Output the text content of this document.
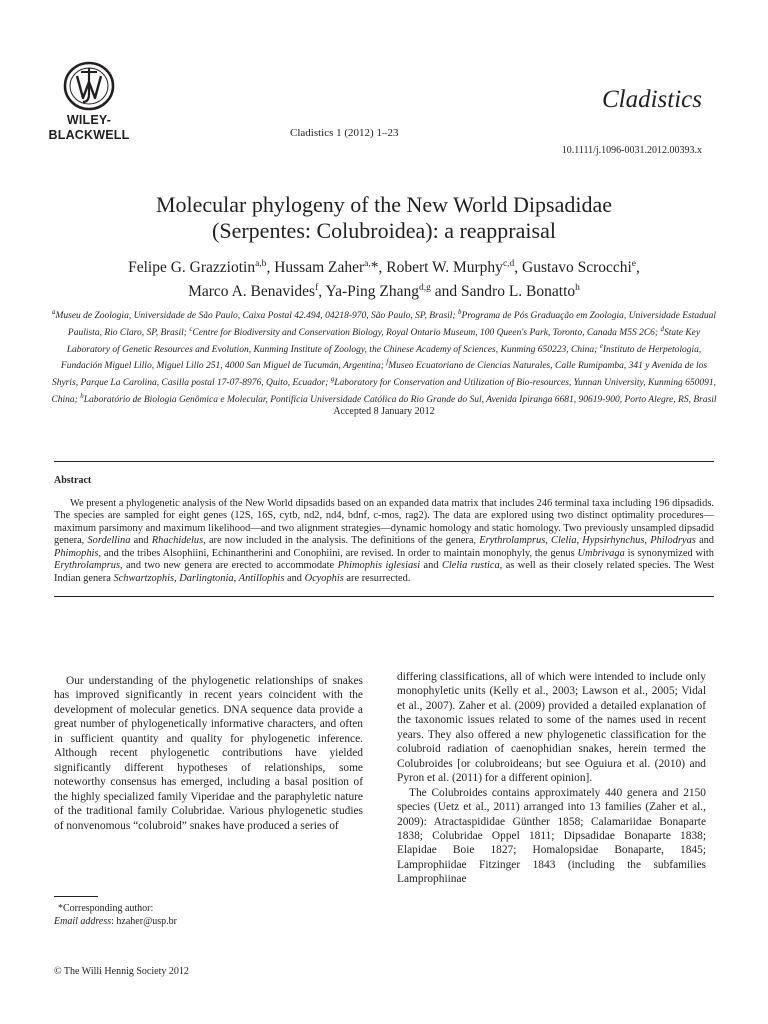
WILEY-
BLACKWELL
Cladistics
Cladistics 1 (2012) 1–23
10.1111/j.1096-0031.2012.00393.x
Molecular phylogeny of the New World Dipsadidae
(Serpentes: Colubroidea): a reappraisal
Felipe G. Grazziotin$^{a,b}$, Hussam Zaher$^{a,}$*, Robert W. Murphy$^{c,d}$, Gustavo Scrocchi$^e$,
Marco A. Benavides$^f$, Ya-Ping Zhang$^{d,g}$ and Sandro L. Bonatto$^h$
$^a$Museu de Zoologia, Universidade de São Paulo, Caixa Postal 42.494, 04218-970, São Paulo, SP, Brasil; $^b$Programa de Pós Graduação em Zoologia, Universidade Estadual Paulista, Rio Claro, SP, Brasil; $^c$Centre for Biodiversity and Conservation Biology, Royal Ontario Museum, 100 Queen's Park, Toronto, Canada M5S 2C6; $^d$State Key Laboratory of Genetic Resources and Evolution, Kunming Institute of Zoology, the Chinese Academy of Sciences, Kunming 650223, China; $^e$Instituto de Herpetologia, Fundación Miguel Lillo, Miguel Lillo 251, 4000 San Miguel de Tucumán, Argentina; $^f$Museo Ecuatoriano de Ciencias Naturales, Calle Rumipamba, 341 y Avenida de los Shyris, Parque La Carolina, Casilla postal 17-07-8976, Quito, Ecuador; $^g$Laboratory for Conservation and Utilization of Bio-resources, Yunnan University, Kunming 650091, China; $^h$Laboratório de Biologia Genômica e Molecular, Pontifícia Universidade Católica do Rio Grande do Sul, Avenida Ipiranga 6681, 90619-900, Porto Alegre, RS, Brasil
Accepted 8 January 2012
Abstract

We present a phylogenetic analysis of the New World dipsadids based on an expanded data matrix that includes 246 terminal taxa including 196 dipsadids. The species are sampled for eight genes (12S, 16S, cytb, nd2, nd4, bdnf, c-mos, rag2). The data are explored using two distinct optimality procedures—maximum parsimony and maximum likelihood—and two alignment strategies—dynamic homology and static homology. Two previously unsampled dipsadid genera, Sordellina and Rhachidelus, are now included in the analysis. The definitions of the genera, Erythrolamprus, Clelia, Hypsirhynchus, Philodryas and Phimophis, and the tribes Alsophiini, Echinantherini and Conophiini, are revised. In order to maintain monophyly, the genus Umbrivaga is synonymized with Erythrolamprus, and two new genera are erected to accommodate Phimophis iglesiasi and Clelia rustica, as well as their closely related species. The West Indian genera Schwartzophis, Darlingtonia, Antillophis and Ocyophis are resurrected.

Our understanding of the phylogenetic relationships of snakes has improved significantly in recent years coincident with the development of molecular genetics. DNA sequence data provide a great number of phylogenetically informative characters, and often in sufficient quantity and quality for phylogenetic inference. Although recent phylogenetic contributions have yielded significantly different hypotheses of relationships, some noteworthy consensus has emerged, including a basal position of the highly specialized family Viperidae and the paraphyletic nature of the traditional family Colubridae. Various phylogenetic studies of nonvenomous “colubroid” snakes have produced a series of

differing classifications, all of which were intended to include only monophyletic units (Kelly et al., 2003; Lawson et al., 2005; Vidal et al., 2007). Zaher et al. (2009) provided a detailed explanation of the taxonomic issues related to some of the names used in recent years. They also offered a new phylogenetic classification for the colubroid radiation of caenophidian snakes, herein termed the Colubroides [or colubroideans; but see Oguiura et al. (2010) and Pyron et al. (2011) for a different opinion].

The Colubroides contains approximately 440 genera and 2150 species (Uetz et al., 2011) arranged into 13 families (Zaher et al., 2009): Atractaspididae Günther 1858; Calamariidae Bonaparte 1838; Colubridae Oppel 1811; Dipsadidae Bonaparte 1838; Elapidae Boie 1827; Homalopsidae Bonaparte, 1845; Lamprophiidae Fitzinger 1843 (including the subfamilies Lamprophiinae

*Corresponding author:
Email address: hzaher@usp.br
© The Willi Hennig Society 2012
